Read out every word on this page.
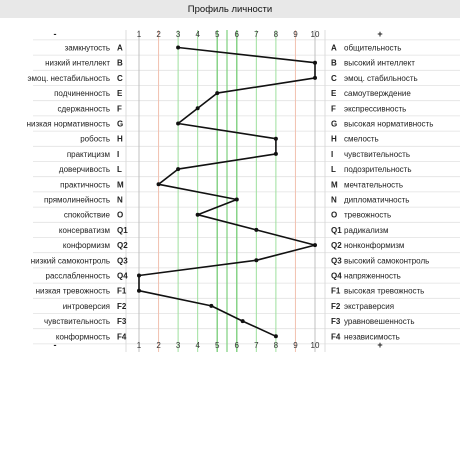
Профиль личности
1 2 3 4 5 6 7 8 9 10
1 2 3 4 5 6 7 8 9 10
-	+
-	+
замкнутость A	A общительность
низкий интеллект B	B высокий интеллект
эмоц. нестабильность C	C эмоц. стабильность
подчиненность E	E самоутверждение
сдержанность F	F экспрессивность
низкая нормативность G	G высокая нормативность
робость H	H смелость
практицизм I	I чувствительность
доверчивость L	L подозрительность
практичность M	M мечтательность
прямолинейность N	N дипломатичность
спокойствие O	O тревожность
консерватизм Q1	Q1 радикализм
конформизм Q2	Q2 нонконформизм
низкий самоконтроль Q3	Q3 высокий самоконтроль
расслабленность Q4	Q4 напряженность
низкая тревожность F1	F1 высокая тревожность
интроверсия F2	F2 экстраверсия
чувствительность F3	F3 уравновешенность
конформность F4	F4 независимость
